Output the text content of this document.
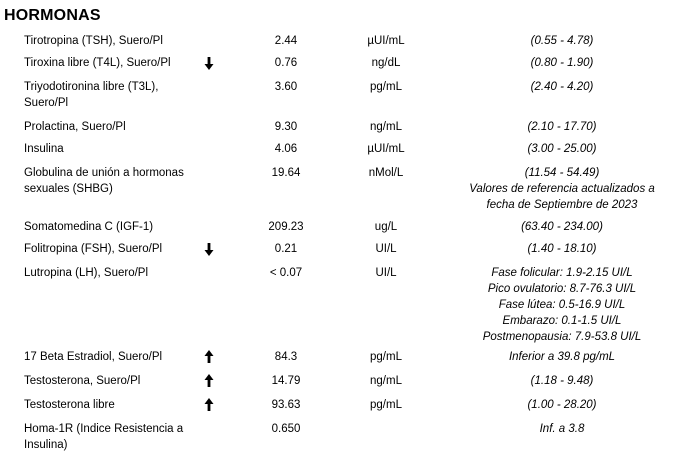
HORMONAS
Tirotropina (TSH), Suero/Pl	2.44	µUI/mL	(0.55 - 4.78)
Tiroxina libre (T4L), Suero/Pl	0.76	ng/dL	(0.80 - 1.90)
Triyodotironina libre (T3L),
Suero/Pl
3.60	pg/mL	(2.40 - 4.20)
Prolactina, Suero/Pl	9.30	ng/mL	(2.10 - 17.70)
Insulina	4.06	µUI/mL	(3.00 - 25.00)
Globulina de unión a hormonas
sexuales (SHBG)
19.64	nMol/L	(11.54 - 54.49)
Valores de referencia actualizados a
fecha de Septiembre de 2023
Somatomedina C (IGF-1)	209.23	ug/L	(63.40 - 234.00)
Folitropina (FSH), Suero/Pl	0.21	UI/L	(1.40 - 18.10)
Lutropina (LH), Suero/Pl	< 0.07	UI/L	Fase folicular: 1.9-2.15 UI/L
Pico ovulatorio: 8.7-76.3 UI/L
Fase lútea: 0.5-16.9 UI/L
Embarazo: 0.1-1.5 UI/L
Postmenopausia: 7.9-53.8 UI/L
17 Beta Estradiol, Suero/Pl	84.3	pg/mL	Inferior a 39.8 pg/mL
Testosterona, Suero/Pl	14.79	ng/mL	(1.18 - 9.48)
Testosterona libre	93.63	pg/mL	(1.00 - 28.20)
Homa-1R (Indice Resistencia a
Insulina)
0.650	Inf. a 3.8
